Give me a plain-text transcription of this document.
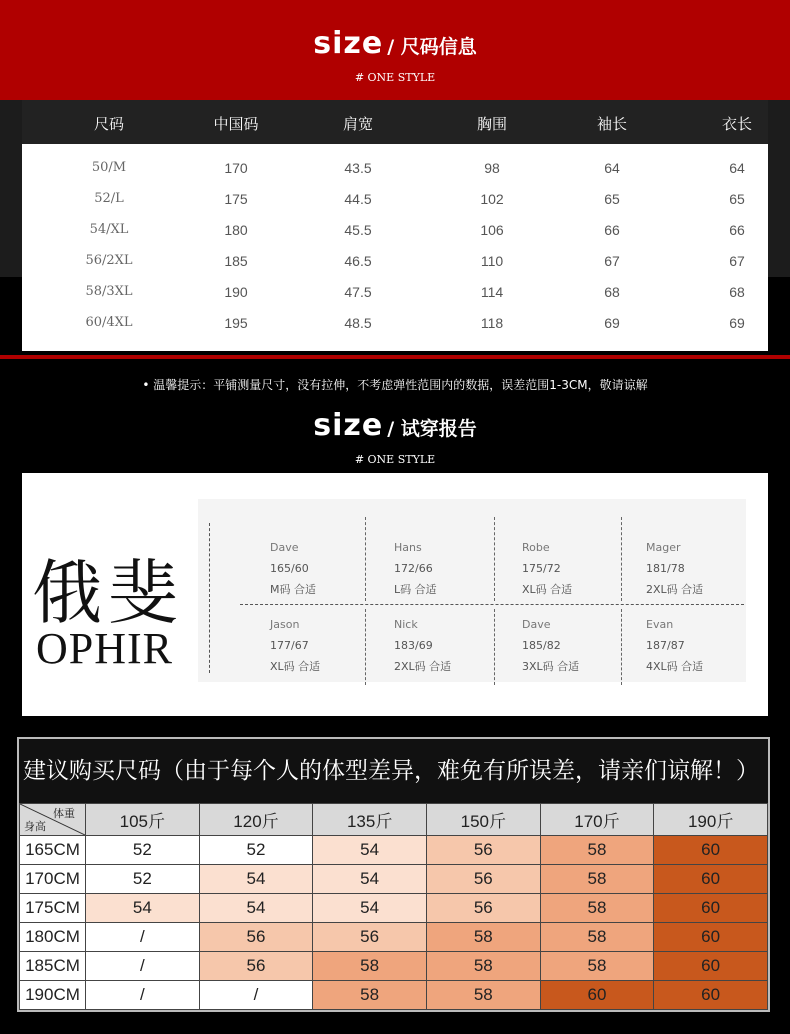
size / 尺码信息
# ONE STYLE
尺码	中国码	肩宽	胸围	袖长	衣长
50/M	170	43.5	98	64	64
52/L	175	44.5	102	65	65
54/XL	180	45.5	106	66	66
56/2XL	185	46.5	110	67	67
58/3XL	190	47.5	114	68	68
60/4XL	195	48.5	118	69	69
• 温馨提示：平铺测量尺寸，没有拉伸，不考虑弹性范围内的数据，误差范围1-3CM，敬请谅解
size / 试穿报告
# ONE STYLE
俄斐
OPHIR
Dave
165/60
M码 合适
Hans
172/66
L码 合适
Robe
175/72
XL码 合适
Mager
181/78
2XL码 合适
Jason
177/67
XL码 合适
Nick
183/69
2XL码 合适
Dave
185/82
3XL码 合适
Evan
187/87
4XL码 合适
建议购买尺码（由于每个人的体型差异，难免有所误差，请亲们谅解！）
体重
身高	105斤	120斤	135斤	150斤	170斤	190斤
165CM	52	52	54	56	58	60
170CM	52	54	54	56	58	60
175CM	54	54	54	56	58	60
180CM	/	56	56	58	58	60
185CM	/	56	58	58	58	60
190CM	/	/	58	58	60	60
